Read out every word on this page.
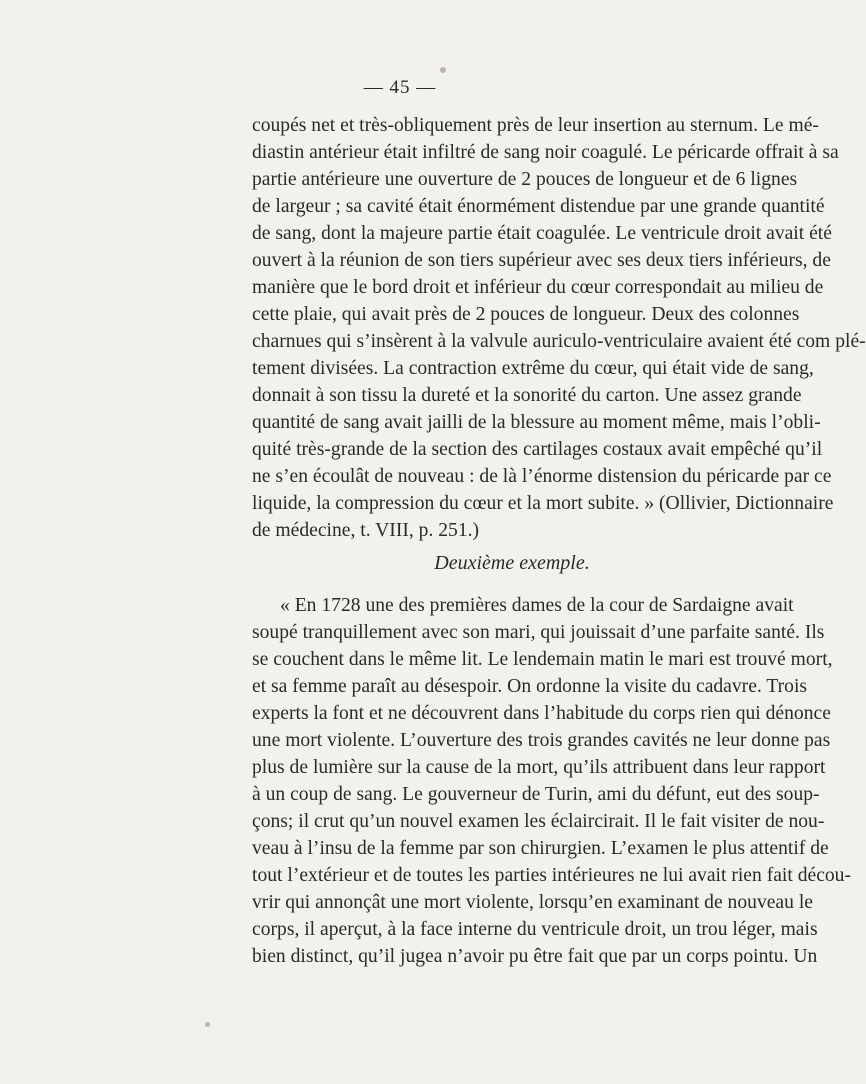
— 45 —
coupés net et très-obliquement près de leur insertion au sternum. Le mé-
diastin antérieur était infiltré de sang noir coagulé. Le péricarde offrait à sa
partie antérieure une ouverture de 2 pouces de longueur et de 6 lignes
de largeur ; sa cavité était énormément distendue par une grande quantité
de sang, dont la majeure partie était coagulée. Le ventricule droit avait été
ouvert à la réunion de son tiers supérieur avec ses deux tiers inférieurs, de
manière que le bord droit et inférieur du cœur correspondait au milieu de
cette plaie, qui avait près de 2 pouces de longueur. Deux des colonnes
charnues qui s’insèrent à la valvule auriculo-ventriculaire avaient été com plé-
tement divisées. La contraction extrême du cœur, qui était vide de sang,
donnait à son tissu la dureté et la sonorité du carton. Une assez grande
quantité de sang avait jailli de la blessure au moment même, mais l’obli-
quité très-grande de la section des cartilages costaux avait empêché qu’il
ne s’en écoulât de nouveau : de là l’énorme distension du péricarde par ce
liquide, la compression du cœur et la mort subite. » (Ollivier, Dictionnaire
de médecine, t. VIII, p. 251.)
Deuxième exemple.
« En 1728 une des premières dames de la cour de Sardaigne avait
soupé tranquillement avec son mari, qui jouissait d’une parfaite santé. Ils
se couchent dans le même lit. Le lendemain matin le mari est trouvé mort,
et sa femme paraît au désespoir. On ordonne la visite du cadavre. Trois
experts la font et ne découvrent dans l’habitude du corps rien qui dénonce
une mort violente. L’ouverture des trois grandes cavités ne leur donne pas
plus de lumière sur la cause de la mort, qu’ils attribuent dans leur rapport
à un coup de sang. Le gouverneur de Turin, ami du défunt, eut des soup-
çons; il crut qu’un nouvel examen les éclaircirait. Il le fait visiter de nou-
veau à l’insu de la femme par son chirurgien. L’examen le plus attentif de
tout l’extérieur et de toutes les parties intérieures ne lui avait rien fait décou-
vrir qui annonçât une mort violente, lorsqu’en examinant de nouveau le
corps, il aperçut, à la face interne du ventricule droit, un trou léger, mais
bien distinct, qu’il jugea n’avoir pu être fait que par un corps pointu. Un
